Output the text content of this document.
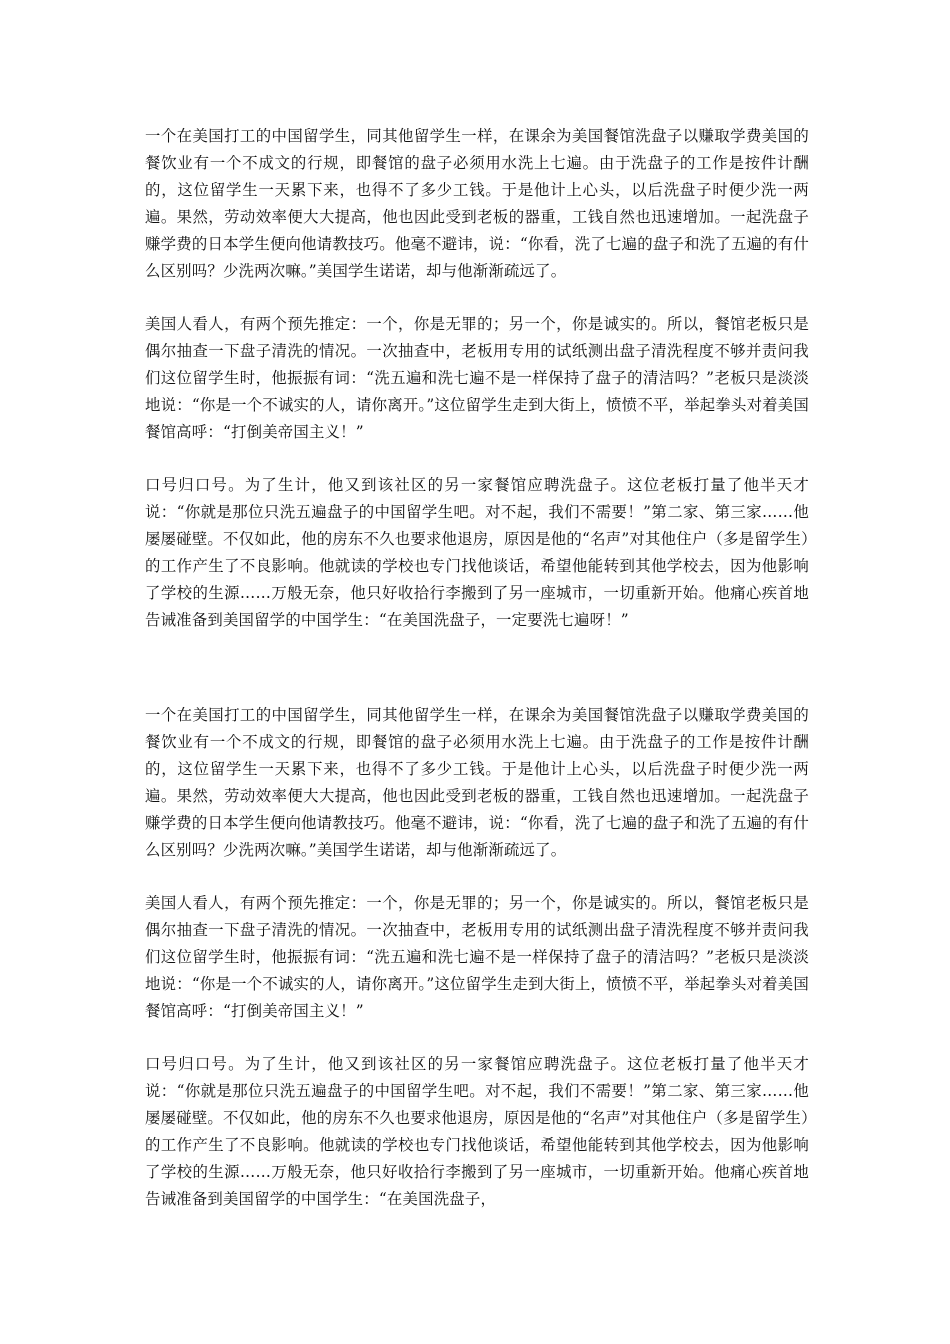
一个在美国打工的中国留学生，同其他留学生一样，在课余为美国餐馆洗盘子以赚取学费美国的餐饮业有一个不成文的行规，即餐馆的盘子必须用水洗上七遍。由于洗盘子的工作是按件计酬的，这位留学生一天累下来，也得不了多少工钱。于是他计上心头，以后洗盘子时便少洗一两遍。果然，劳动效率便大大提高，他也因此受到老板的器重，工钱自然也迅速增加。一起洗盘子赚学费的日本学生便向他请教技巧。他毫不避讳，说：“你看，洗了七遍的盘子和洗了五遍的有什么区别吗？少洗两次嘛。”美国学生诺诺，却与他渐渐疏远了。

美国人看人，有两个预先推定：一个，你是无罪的；另一个，你是诚实的。所以，餐馆老板只是偶尔抽查一下盘子清洗的情况。一次抽查中，老板用专用的试纸测出盘子清洗程度不够并责问我们这位留学生时，他振振有词：“洗五遍和洗七遍不是一样保持了盘子的清洁吗？”老板只是淡淡地说：“你是一个不诚实的人，请你离开。”这位留学生走到大街上，愤愤不平，举起拳头对着美国餐馆高呼：“打倒美帝国主义！”

口号归口号。为了生计，他又到该社区的另一家餐馆应聘洗盘子。这位老板打量了他半天才说：“你就是那位只洗五遍盘子的中国留学生吧。对不起，我们不需要！”第二家、第三家……他屡屡碰壁。不仅如此，他的房东不久也要求他退房，原因是他的“名声”对其他住户（多是留学生）的工作产生了不良影响。他就读的学校也专门找他谈话，希望他能转到其他学校去，因为他影响了学校的生源……万般无奈，他只好收拾行李搬到了另一座城市，一切重新开始。他痛心疾首地告诫准备到美国留学的中国学生：“在美国洗盘子，一定要洗七遍呀！”

一个在美国打工的中国留学生，同其他留学生一样，在课余为美国餐馆洗盘子以赚取学费美国的餐饮业有一个不成文的行规，即餐馆的盘子必须用水洗上七遍。由于洗盘子的工作是按件计酬的，这位留学生一天累下来，也得不了多少工钱。于是他计上心头，以后洗盘子时便少洗一两遍。果然，劳动效率便大大提高，他也因此受到老板的器重，工钱自然也迅速增加。一起洗盘子赚学费的日本学生便向他请教技巧。他毫不避讳，说：“你看，洗了七遍的盘子和洗了五遍的有什么区别吗？少洗两次嘛。”美国学生诺诺，却与他渐渐疏远了。

美国人看人，有两个预先推定：一个，你是无罪的；另一个，你是诚实的。所以，餐馆老板只是偶尔抽查一下盘子清洗的情况。一次抽查中，老板用专用的试纸测出盘子清洗程度不够并责问我们这位留学生时，他振振有词：“洗五遍和洗七遍不是一样保持了盘子的清洁吗？”老板只是淡淡地说：“你是一个不诚实的人，请你离开。”这位留学生走到大街上，愤愤不平，举起拳头对着美国餐馆高呼：“打倒美帝国主义！”

口号归口号。为了生计，他又到该社区的另一家餐馆应聘洗盘子。这位老板打量了他半天才说：“你就是那位只洗五遍盘子的中国留学生吧。对不起，我们不需要！”第二家、第三家……他屡屡碰壁。不仅如此，他的房东不久也要求他退房，原因是他的“名声”对其他住户（多是留学生）的工作产生了不良影响。他就读的学校也专门找他谈话，希望他能转到其他学校去，因为他影响了学校的生源……万般无奈，他只好收拾行李搬到了另一座城市，一切重新开始。他痛心疾首地告诫准备到美国留学的中国学生：“在美国洗盘子，
